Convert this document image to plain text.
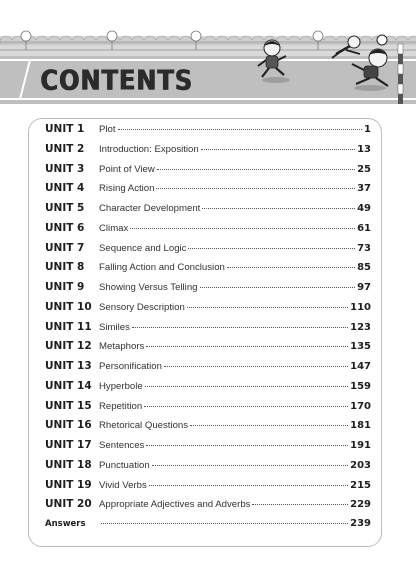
CONTENTS
UNIT 1	Plot	1
UNIT 2	Introduction: Exposition	13
UNIT 3	Point of View	25
UNIT 4	Rising Action	37
UNIT 5	Character Development	49
UNIT 6	Climax	61
UNIT 7	Sequence and Logic	73
UNIT 8	Falling Action and Conclusion	85
UNIT 9	Showing Versus Telling	97
UNIT 10 Sensory Description	110
UNIT 11 Similes	123
UNIT 12 Metaphors	135
UNIT 13 Personification	147
UNIT 14 Hyperbole	159
UNIT 15 Repetition	170
UNIT 16 Rhetorical Questions	181
UNIT 17 Sentences	191
UNIT 18 Punctuation	203
UNIT 19 Vivid Verbs	215
UNIT 20 Appropriate Adjectives and Adverbs	229
Answers	239
